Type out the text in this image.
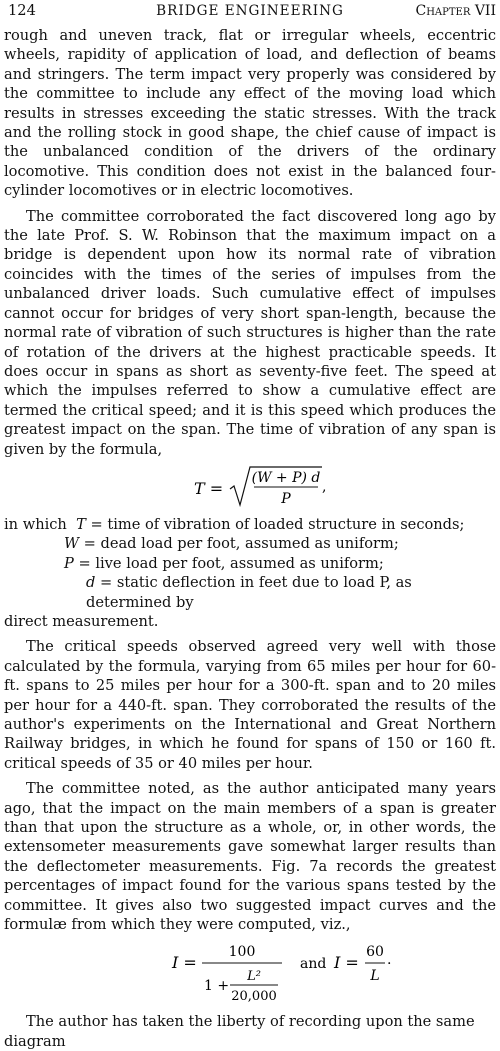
124	BRIDGE ENGINEERING	Chapter VII

rough and uneven track, flat or irregular wheels, eccentric wheels, rapidity of application of load, and deflection of beams and stringers. The term impact very properly was considered by the committee to include any effect of the moving load which results in stresses exceeding the static stresses. With the track and the rolling stock in good shape, the chief cause of impact is the unbalanced condition of the drivers of the ordinary locomotive. This condition does not exist in the balanced four-cylinder locomotives or in electric locomotives.

The committee corroborated the fact discovered long ago by the late Prof. S. W. Robinson that the maximum impact on a bridge is dependent upon how its normal rate of vibration coincides with the times of the series of impulses from the unbalanced driver loads. Such cumulative effect of impulses cannot occur for bridges of very short span-length, because the normal rate of vibration of such structures is higher than the rate of rotation of the drivers at the highest practicable speeds. It does occur in spans as short as seventy-five feet. The speed at which the impulses referred to show a cumulative effect are termed the critical speed; and it is this speed which produces the greatest impact on the span. The time of vibration of any span is given by the formula,

T =
(W + P) d
P
,
in which T = time of vibration of loaded structure in seconds;
W = dead load per foot, assumed as uniform;
P = live load per foot, assumed as uniform;
d = static deflection in feet due to load P, as determined by
direct measurement.

The critical speeds observed agreed very well with those calculated by the formula, varying from 65 miles per hour for 60-ft. spans to 25 miles per hour for a 300-ft. span and to 20 miles per hour for a 440-ft. span. They corroborated the results of the author's experiments on the International and Great Northern Railway bridges, in which he found for spans of 150 or 160 ft. critical speeds of 35 or 40 miles per hour.

The committee noted, as the author anticipated many years ago, that the impact on the main members of a span is greater than that upon the structure as a whole, or, in other words, the extensometer measurements gave somewhat larger results than the deflectometer measurements. Fig. 7a records the greatest percentages of impact found for the various spans tested by the committee. It gives also two suggested impact curves and the formulæ from which they were computed, viz.,

I =
100
1 +
L²
20,000
and I =
60
L
.

The author has taken the liberty of recording upon the same diagram
